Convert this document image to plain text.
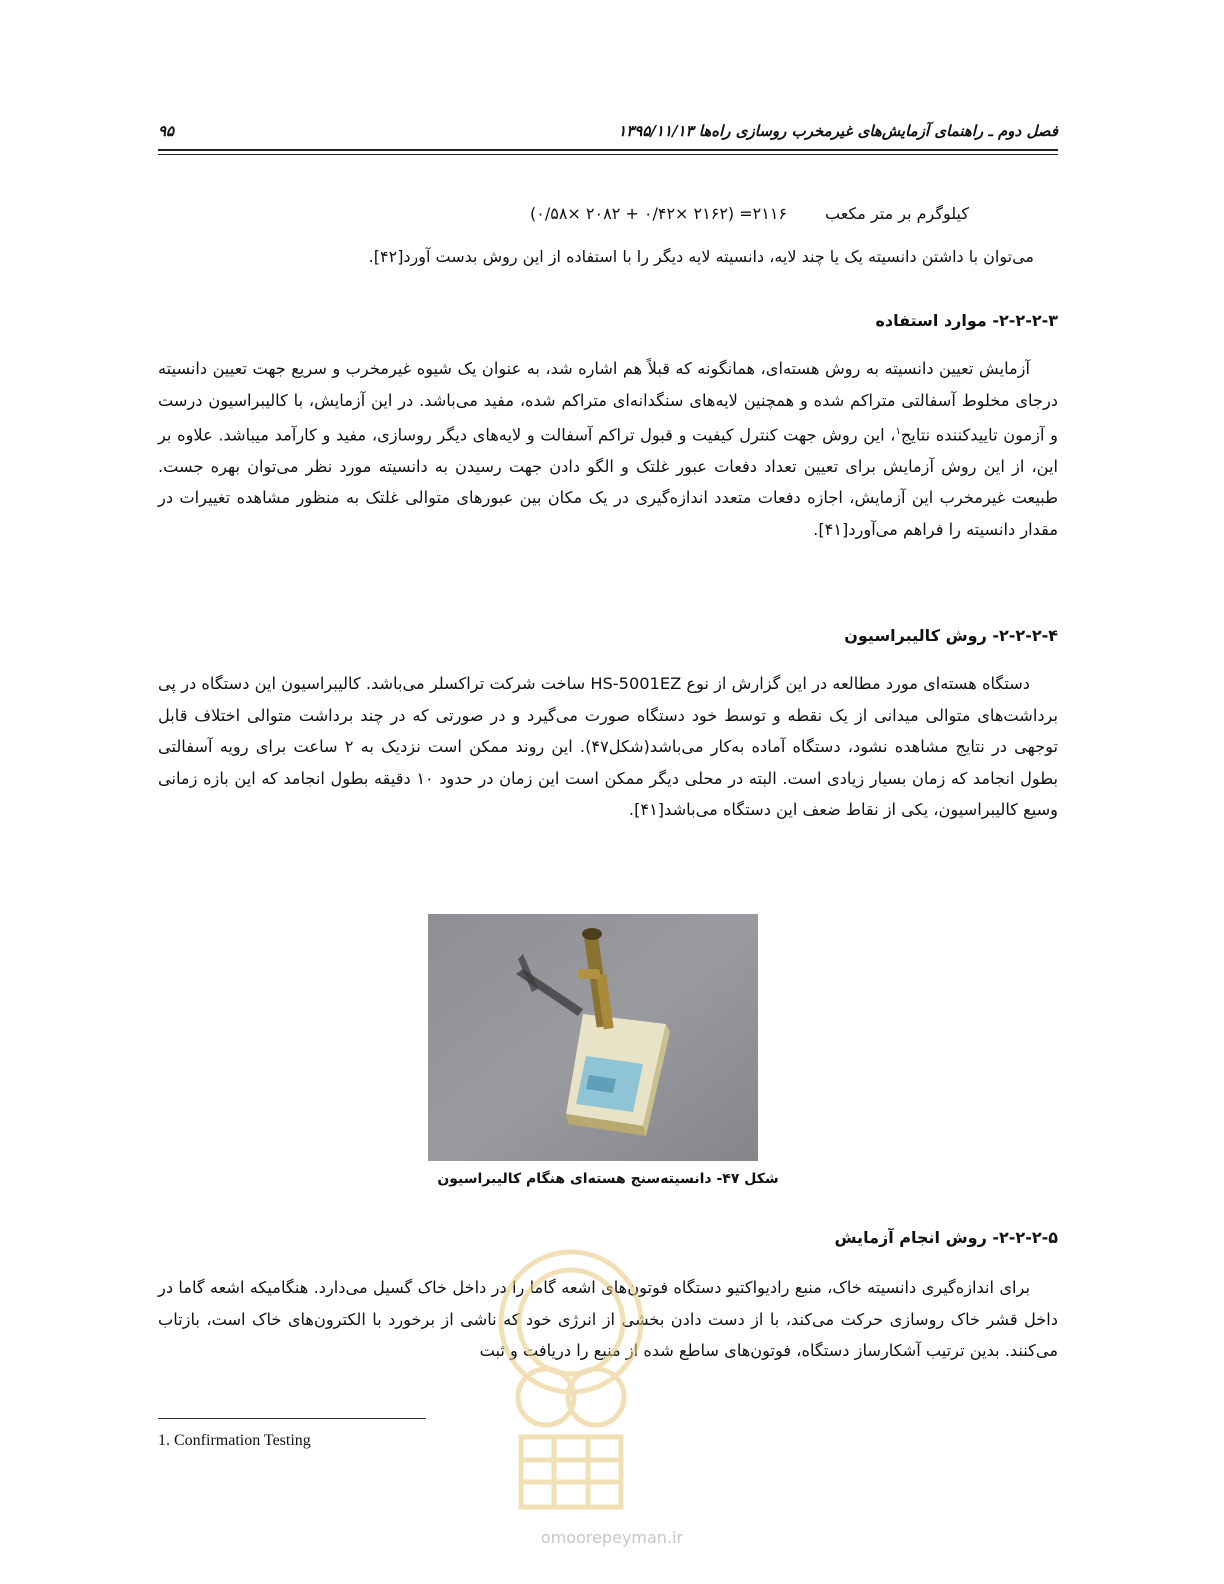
فصل دوم ـ راهنمای آزمایش‌های غیرمخرب روسازی راه‌ها ۱۳۹۵/۱۱/۱۳
۹۵
کیلوگرم بر متر مکعب۲۱۱۶= (۲۱۶۲ ×۰/۴۲ + ۲۰۸۲ ×۰/۵۸)
می‌توان با داشتن دانسیته یک یا چند لایه، دانسیته لایه دیگر را با استفاده از این روش بدست آورد[۴۲].
۲-۲-۲-۳- موارد استفاده
آزمایش تعیین دانسیته به روش هسته‌ای، همانگونه که قبلاً هم اشاره شد، به عنوان یک شیوه غیرمخرب و سریع جهت تعیین دانسیته درجای مخلوط آسفالتی متراکم شده و همچنین لایه‌های سنگدانه‌ای متراکم شده، مفید می‌باشد. در این آزمایش، با کالیبراسیون درست و آزمون تاییدکننده نتایج$^۱$، این روش جهت کنترل کیفیت و قبول تراکم آسفالت و لایه‌های دیگر روسازی، مفید و کارآمد میباشد. علاوه بر این، از این روش آزمایش برای تعیین تعداد دفعات عبور غلتک و الگو دادن جهت رسیدن به دانسیته مورد نظر می‌توان بهره جست. طبیعت غیرمخرب این آزمایش، اجازه دفعات متعدد اندازه‌گیری در یک مکان بین عبورهای متوالی غلتک به منظور مشاهده تغییرات در مقدار دانسیته را فراهم می‌آورد[۴۱].
۲-۲-۲-۴- روش کالیبراسیون
دستگاه هسته‌ای مورد مطالعه در این گزارش از نوع HS-5001EZ ساخت شرکت تراکسلر می‌باشد. کالیبراسیون این دستگاه در پی برداشت‌های متوالی میدانی از یک نقطه و توسط خود دستگاه صورت می‌گیرد و در صورتی که در چند برداشت متوالی اختلاف قابل توجهی در نتایج مشاهده نشود، دستگاه آماده به‌کار می‌باشد(شکل۴۷). این روند ممکن است نزدیک به ۲ ساعت برای رویه آسفالتی بطول انجامد که زمان بسیار زیادی است. البته در محلی دیگر ممکن است این زمان در حدود ۱۰ دقیقه بطول انجامد که این بازه زمانی وسیع کالیبراسیون، یکی از نقاط ضعف این دستگاه می‌باشد[۴۱].
شکل ۴۷- دانسیته‌سنج هسته‌ای هنگام کالیبراسیون
۲-۲-۲-۵- روش انجام آزمایش
برای اندازه‌گیری دانسیته خاک، منبع رادیواکتیو دستگاه فوتون‌های اشعه گاما را در داخل خاک گسیل می‌دارد. هنگامیکه اشعه گاما در داخل قشر خاک روسازی حرکت می‌کند، با از دست دادن بخشی از انرژی خود که ناشی از برخورد با الکترون‌های خاک است، بازتاب می‌کنند. بدین ترتیب آشکارساز دستگاه، فوتون‌های ساطع شده از منبع را دریافت و ثبت
1. Confirmation Testing
omoorepeyman.ir
